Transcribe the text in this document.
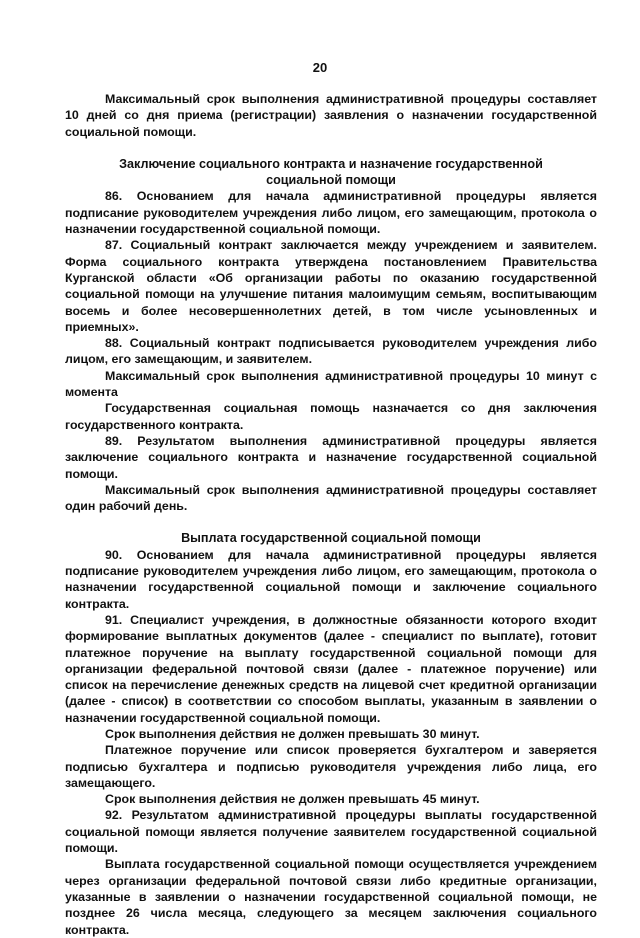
20

Максимальный срок выполнения административной процедуры составляет 10 дней со дня приема (регистрации) заявления о назначении государственной социальной помощи.

Заключение социального контракта и назначение государственной
социальной помощи

86. Основанием для начала административной процедуры является подписание руководителем учреждения либо лицом, его замещающим, протокола о назначении государственной социальной помощи.

87. Социальный контракт заключается между учреждением и заявителем. Форма социального контракта утверждена постановлением Правительства Курганской области «Об организации работы по оказанию государственной социальной помощи на улучшение питания малоимущим семьям, воспитывающим восемь и более несовершеннолетних детей, в том числе усыновленных и приемных».

88. Социальный контракт подписывается руководителем учреждения либо лицом, его замещающим, и заявителем.

Максимальный срок выполнения административной процедуры 10 минут с момента

Государственная социальная помощь назначается со дня заключения государственного контракта.

89. Результатом выполнения административной процедуры является заключение социального контракта и назначение государственной социальной помощи.

Максимальный срок выполнения административной процедуры составляет один рабочий день.

Выплата государственной социальной помощи

90. Основанием для начала административной процедуры является подписание руководителем учреждения либо лицом, его замещающим, протокола о назначении государственной социальной помощи и заключение социального контракта.

91. Специалист учреждения, в должностные обязанности которого входит формирование выплатных документов (далее - специалист по выплате), готовит платежное поручение на выплату государственной социальной помощи для организации федеральной почтовой связи (далее - платежное поручение) или список на перечисление денежных средств на лицевой счет кредитной организации (далее - список) в соответствии со способом выплаты, указанным в заявлении о назначении государственной социальной помощи.

Срок выполнения действия не должен превышать 30 минут.

Платежное поручение или список проверяется бухгалтером и заверяется подписью бухгалтера и подписью руководителя учреждения либо лица, его замещающего.

Срок выполнения действия не должен превышать 45 минут.

92. Результатом административной процедуры выплаты государственной социальной помощи является получение заявителем государственной социальной помощи.

Выплата государственной социальной помощи осуществляется учреждением через организации федеральной почтовой связи либо кредитные организации, указанные в заявлении о назначении государственной социальной помощи, не позднее 26 числа месяца, следующего за месяцем заключения социального контракта.
